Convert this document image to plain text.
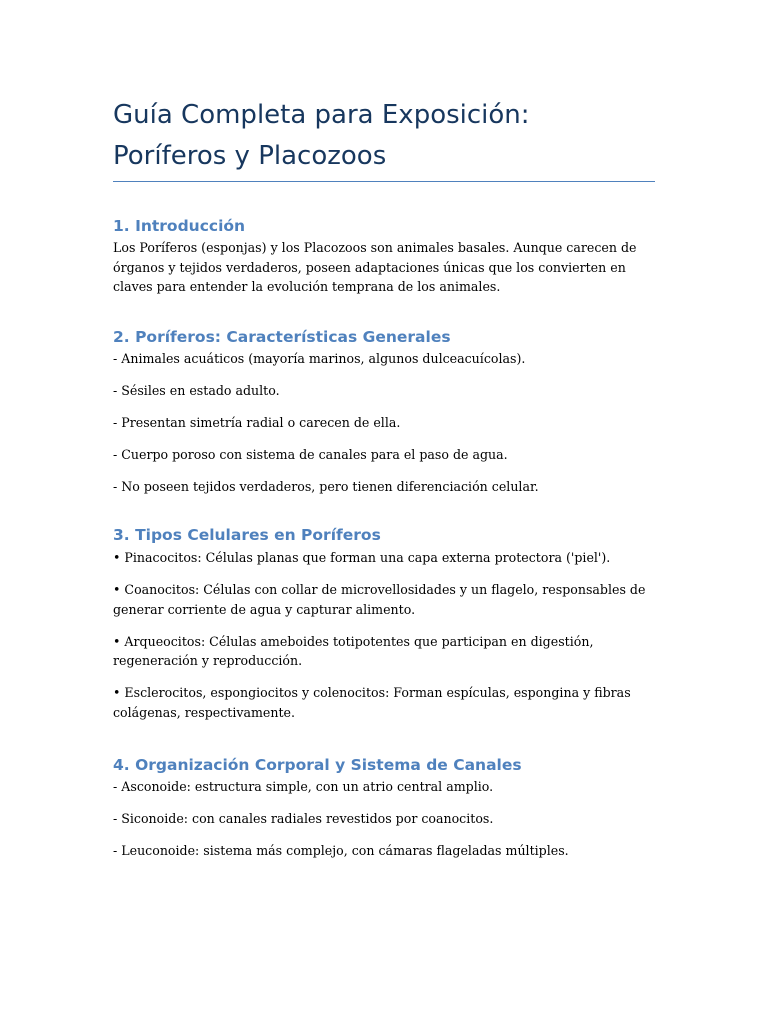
Guía Completa para Exposición:
Poríferos y Placozoos
1. Introducción

Los Poríferos (esponjas) y los Placozoos son animales basales. Aunque carecen de órganos y tejidos verdaderos, poseen adaptaciones únicas que los convierten en claves para entender la evolución temprana de los animales.

2. Poríferos: Características Generales

- Animales acuáticos (mayoría marinos, algunos dulceacuícolas).

- Sésiles en estado adulto.

- Presentan simetría radial o carecen de ella.

- Cuerpo poroso con sistema de canales para el paso de agua.

- No poseen tejidos verdaderos, pero tienen diferenciación celular.

3. Tipos Celulares en Poríferos

• Pinacocitos: Células planas que forman una capa externa protectora ('piel').

• Coanocitos: Células con collar de microvellosidades y un flagelo, responsables de generar corriente de agua y capturar alimento.

• Arqueocitos: Células ameboides totipotentes que participan en digestión, regeneración y reproducción.

• Esclerocitos, espongiocitos y colenocitos: Forman espículas, espongina y fibras colágenas, respectivamente.

4. Organización Corporal y Sistema de Canales

- Asconoide: estructura simple, con un atrio central amplio.

- Siconoide: con canales radiales revestidos por coanocitos.

- Leuconoide: sistema más complejo, con cámaras flageladas múltiples.
